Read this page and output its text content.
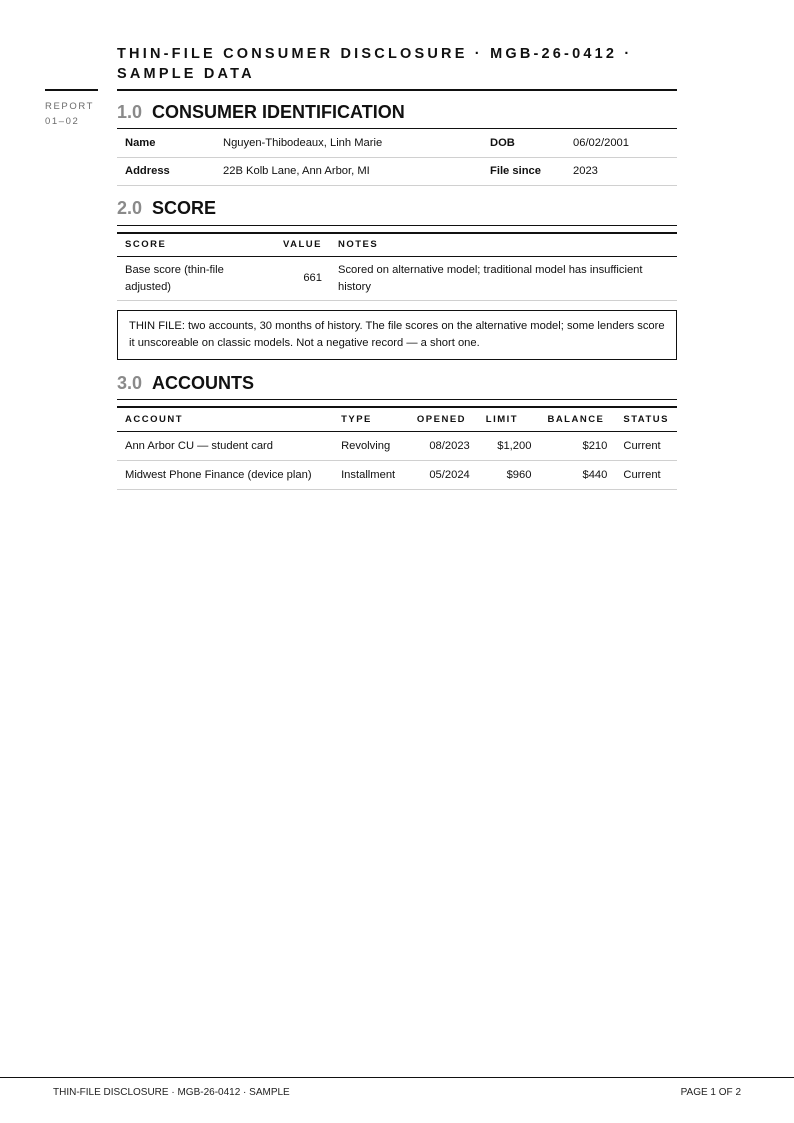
THIN-FILE CONSUMER DISCLOSURE · MGB-26-0412 · SAMPLE DATA
REPORT
01–02	1.0 CONSUMER IDENTIFICATION
Name	Nguyen-Thibodeaux, Linh Marie	DOB	06/02/2001
Address	22B Kolb Lane, Ann Arbor, MI	File since	2023
2.0 SCORE
SCORE	VALUE	NOTES
Base score (thin-file adjusted)	661	Scored on alternative model; traditional model has insufficient history
THIN FILE: two accounts, 30 months of history. The file scores on the alternative model; some lenders score it unscoreable on classic models. Not a negative record — a short one.
3.0 ACCOUNTS
ACCOUNT	TYPE	OPENED	LIMIT	BALANCE	STATUS
Ann Arbor CU — student card	Revolving	08/2023	$1,200	$210	Current
Midwest Phone Finance (device plan)	Installment	05/2024	$960	$440	Current
THIN-FILE DISCLOSURE · MGB-26-0412 · SAMPLE	PAGE 1 OF 2
